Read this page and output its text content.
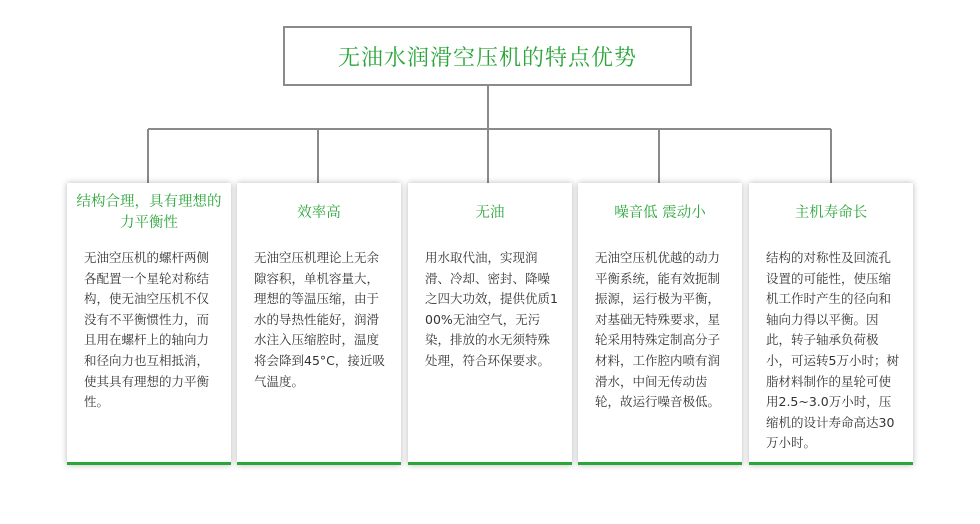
无油水润滑空压机的特点优势
结构合理，具有理想的力平衡性
无油空压机的螺杆两侧各配置一个星轮对称结构，使无油空压机不仅没有不平衡惯性力，而且用在螺杆上的轴向力和径向力也互相抵消，使其具有理想的力平衡性。
效率高
无油空压机理论上无余隙容积，单机容量大，理想的等温压缩，由于水的导热性能好，润滑水注入压缩腔时，温度将会降到45°C，接近吸气温度。
无油
用水取代油，实现润滑、冷却、密封、降噪之四大功效，提供优质100%无油空气，无污染，排放的水无须特殊处理，符合环保要求。
噪音低 震动小
无油空压机优越的动力平衡系统，能有效扼制振源，运行极为平衡，对基础无特殊要求，星轮采用特殊定制高分子材料，工作腔内喷有润滑水，中间无传动齿轮，故运行噪音极低。
主机寿命长
结构的对称性及回流孔设置的可能性，使压缩机工作时产生的径向和轴向力得以平衡。因此，转子轴承负荷极小，可运转5万小时；树脂材料制作的星轮可使用2.5~3.0万小时，压缩机的设计寿命高达30万小时。
